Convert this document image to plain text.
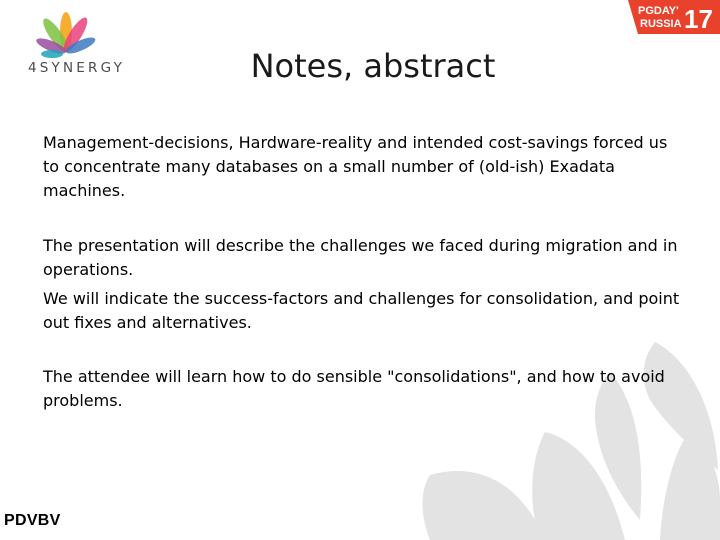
4SYNERGY
PGDAY'
RUSSIA 17
Notes, abstract

Management-decisions, Hardware-reality and intended cost-savings forced us to concentrate many databases on a small number of (old-ish) Exadata machines.

The presentation will describe the challenges we faced during migration and in operations.

We will indicate the success-factors and challenges for consolidation, and point out fixes and alternatives.

The attendee will learn how to do sensible "consolidations", and how to avoid problems.

PDVBV
